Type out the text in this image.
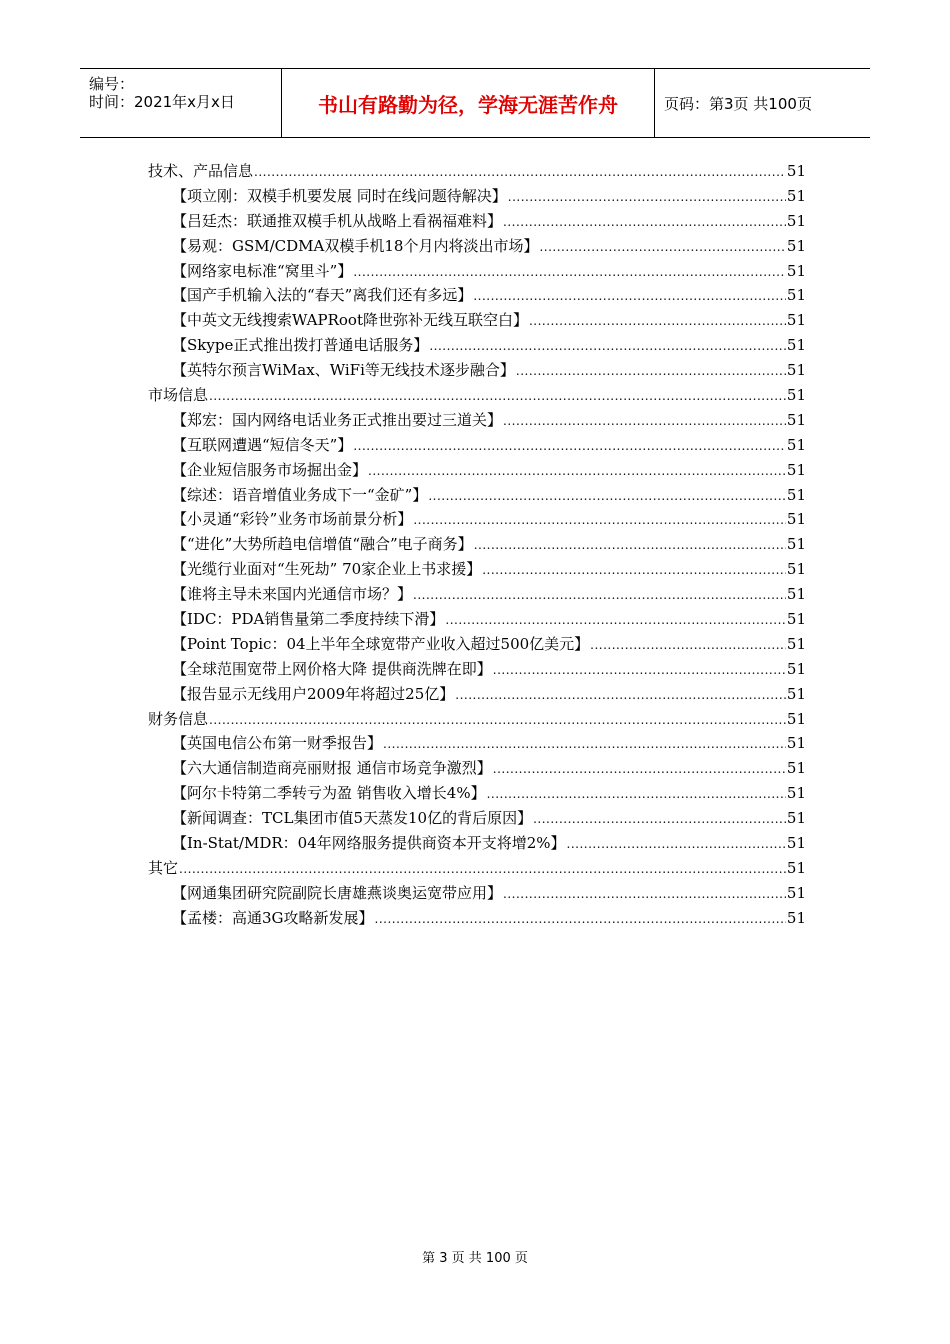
编号：
时间：2021年x月x日	书山有路勤为径，学海无涯苦作舟	页码：第3页 共100页
技术、产品信息 .....	51
【项立刚：双模手机要发展 同时在线问题待解决】 .....	51
【吕廷杰：联通推双模手机从战略上看祸福难料】 .....	51
【易观：GSM/CDMA双模手机18个月内将淡出市场】 .....	51
【网络家电标准“窝里斗”】 .....	51
【国产手机输入法的“春天”离我们还有多远】 .....	51
【中英文无线搜索WAPRoot降世弥补无线互联空白】 .....	51
【Skype正式推出拨打普通电话服务】 .....	51
【英特尔预言WiMax、WiFi等无线技术逐步融合】 .....	51
市场信息 .....	51
【郑宏：国内网络电话业务正式推出要过三道关】 .....	51
【互联网遭遇“短信冬天”】 .....	51
【企业短信服务市场掘出金】 .....	51
【综述：语音增值业务成下一“金矿”】 .....	51
【小灵通“彩铃”业务市场前景分析】 .....	51
【“进化”大势所趋电信增值“融合”电子商务】 .....	51
【光缆行业面对“生死劫” 70家企业上书求援】 .....	51
【谁将主导未来国内光通信市场？】 .....	51
【IDC：PDA销售量第二季度持续下滑】 .....	51
【Point Topic：04上半年全球宽带产业收入超过500亿美元】 .....	51
【全球范围宽带上网价格大降 提供商洗牌在即】 .....	51
【报告显示无线用户2009年将超过25亿】 .....	51
财务信息 .....	51
【英国电信公布第一财季报告】 .....	51
【六大通信制造商亮丽财报 通信市场竞争激烈】 .....	51
【阿尔卡特第二季转亏为盈 销售收入增长4%】 .....	51
【新闻调查：TCL集团市值5天蒸发10亿的背后原因】 .....	51
【In-Stat/MDR：04年网络服务提供商资本开支将增2%】 .....	51
其它 .....	51
【网通集团研究院副院长唐雄燕谈奥运宽带应用】 .....	51
【孟楼：高通3G攻略新发展】 .....	51
第 3 页 共 100 页
